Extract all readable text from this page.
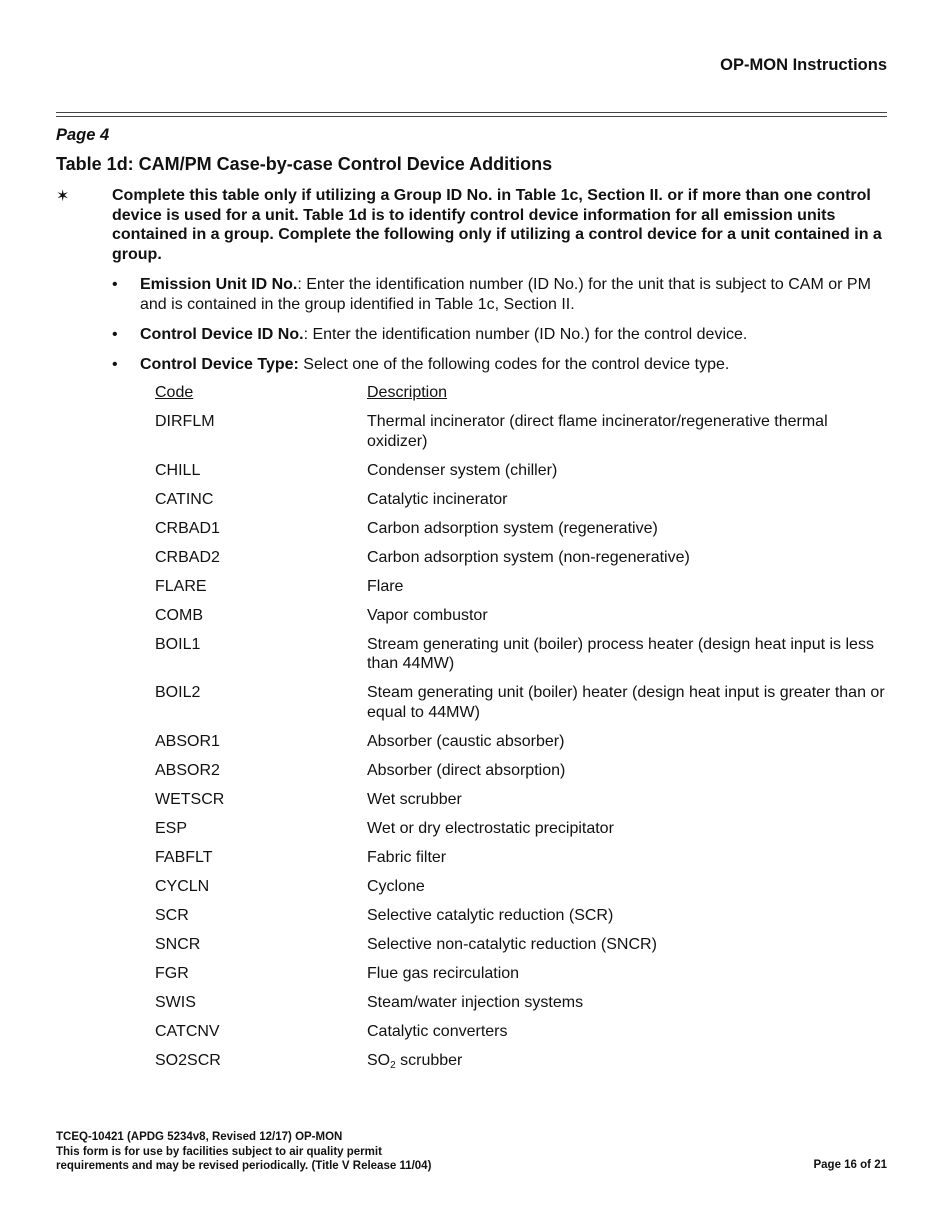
OP-MON Instructions
Page 4
Table 1d: CAM/PM Case-by-case Control Device Additions
✶	Complete this table only if utilizing a Group ID No. in Table 1c, Section II. or if more than one control device is used for a unit. Table 1d is to identify control device information for all emission units contained in a group. Complete the following only if utilizing a control device for a unit contained in a group.
• Emission Unit ID No.: Enter the identification number (ID No.) for the unit that is subject to CAM or PM and is contained in the group identified in Table 1c, Section II.
• Control Device ID No.: Enter the identification number (ID No.) for the control device.
• Control Device Type: Select one of the following codes for the control device type.
Code	Description
DIRFLM	Thermal incinerator (direct flame incinerator/regenerative thermal oxidizer)
CHILL	Condenser system (chiller)
CATINC	Catalytic incinerator
CRBAD1	Carbon adsorption system (regenerative)
CRBAD2	Carbon adsorption system (non-regenerative)
FLARE	Flare
COMB	Vapor combustor
BOIL1	Stream generating unit (boiler) process heater (design heat input is less than 44MW)
BOIL2	Steam generating unit (boiler) heater (design heat input is greater than or equal to 44MW)
ABSOR1	Absorber (caustic absorber)
ABSOR2	Absorber (direct absorption)
WETSCR	Wet scrubber
ESP	Wet or dry electrostatic precipitator
FABFLT	Fabric filter
CYCLN	Cyclone
SCR	Selective catalytic reduction (SCR)
SNCR	Selective non-catalytic reduction (SNCR)
FGR	Flue gas recirculation
SWIS	Steam/water injection systems
CATCNV	Catalytic converters
SO2SCR	$SO_2$ scrubber
TCEQ-10421 (APDG 5234v8, Revised 12/17) OP-MON
This form is for use by facilities subject to air quality permit
requirements and may be revised periodically. (Title V Release 11/04)	Page 16 of 21
